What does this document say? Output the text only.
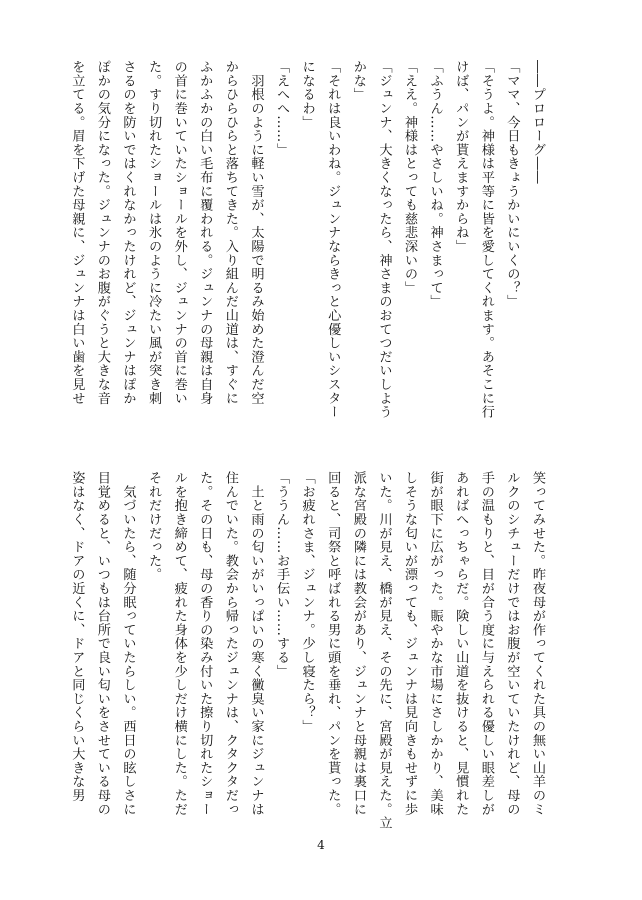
――プロローグ――

「ママ、今日もきょうかいにいくの？」

「そうよ。神様は平等に皆を愛してくれます。あそこに行

けば、パンが貰えますからね」

「ふうん……やさしいね。神さまって」

「ええ。神様はとっても慈悲深いの」

「ジュンナ、大きくなったら、神さまのおてつだいしよう

かな」

「それは良いわね。ジュンナならきっと心優しいシスター

になるわ」

「えへへ……」

　羽根のように軽い雪が、太陽で明るみ始めた澄んだ空

からひらひらと落ちてきた。入り組んだ山道は、すぐに

ふかふかの白い毛布に覆われる。ジュンナの母親は自身

の首に巻いていたショールを外し、ジュンナの首に巻い

た。すり切れたショールは氷のように冷たい風が突き刺

さるのを防いではくれなかったけれど、ジュンナはぽか

ぽかの気分になった。ジュンナのお腹がぐうと大きな音

を立てる。眉を下げた母親に、ジュンナは白い歯を見せ

笑ってみせた。昨夜母が作ってくれた具の無い山羊のミ

ルクのシチューだけではお腹が空いていたけれど、母の

手の温もりと、目が合う度に与えられる優しい眼差しが

あればへっちゃらだ。険しい山道を抜けると、見慣れた

街が眼下に広がった。賑やかな市場にさしかかり、美味

しそうな匂いが漂っても、ジュンナは見向きもせずに歩

いた。川が見え、橋が見え、その先に、宮殿が見えた。立

派な宮殿の隣には教会があり、ジュンナと母親は裏口に

回ると、司祭と呼ばれる男に頭を垂れ、パンを貰った。

「お疲れさま、ジュンナ。少し寝たら？」

「ううん……お手伝い……する」

　土と雨の匂いがいっぱいの寒く黴臭い家にジュンナは

住んでいた。教会から帰ったジュンナは、クタクタだっ

た。その日も、母の香りの染み付いた擦り切れたショー

ルを抱き締めて、疲れた身体を少しだけ横にした。ただ

それだけだった。

　気づいたら、随分眠っていたらしい。西日の眩しさに

目覚めると、いつもは台所で良い匂いをさせている母の

姿はなく、ドアの近くに、ドアと同じくらい大きな男

4
